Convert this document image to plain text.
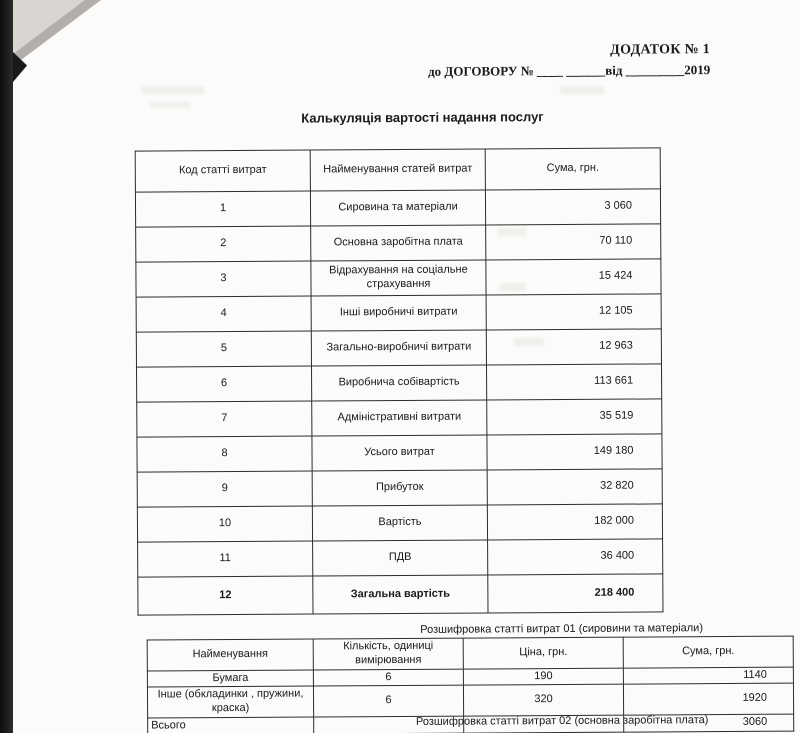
ДОДАТОК № 1
до ДОГОВОРУ № ____ ______від _________2019
Калькуляція вартості надання послуг
Код статті витрат	Найменування статей витрат	Сума, грн.
1	Сировина та матеріали	3 060
2	Основна заробітна плата	70 110
3	Відрахування на соціальне страхування	15 424
4	Інші виробничі витрати	12 105
5	Загально-виробничі витрати	12 963
6	Виробнича собівартість	113 661
7	Адміністративні витрати	35 519
8	Усього витрат	149 180
9	Прибуток	32 820
10	Вартість	182 000
11	ПДВ	36 400
12	Загальна вартість	218 400
Розшифровка статті витрат 01 (сировини та матеріали)
Найменування	Кількість, одиниці вимірювання	Ціна, грн.	Сума, грн.
Бумага	6	190	1140
Інше (обкладинки , пружини, краска)	6	320	1920
Всього			3060
Розшифровка статті витрат 02 (основна заробітна плата)
